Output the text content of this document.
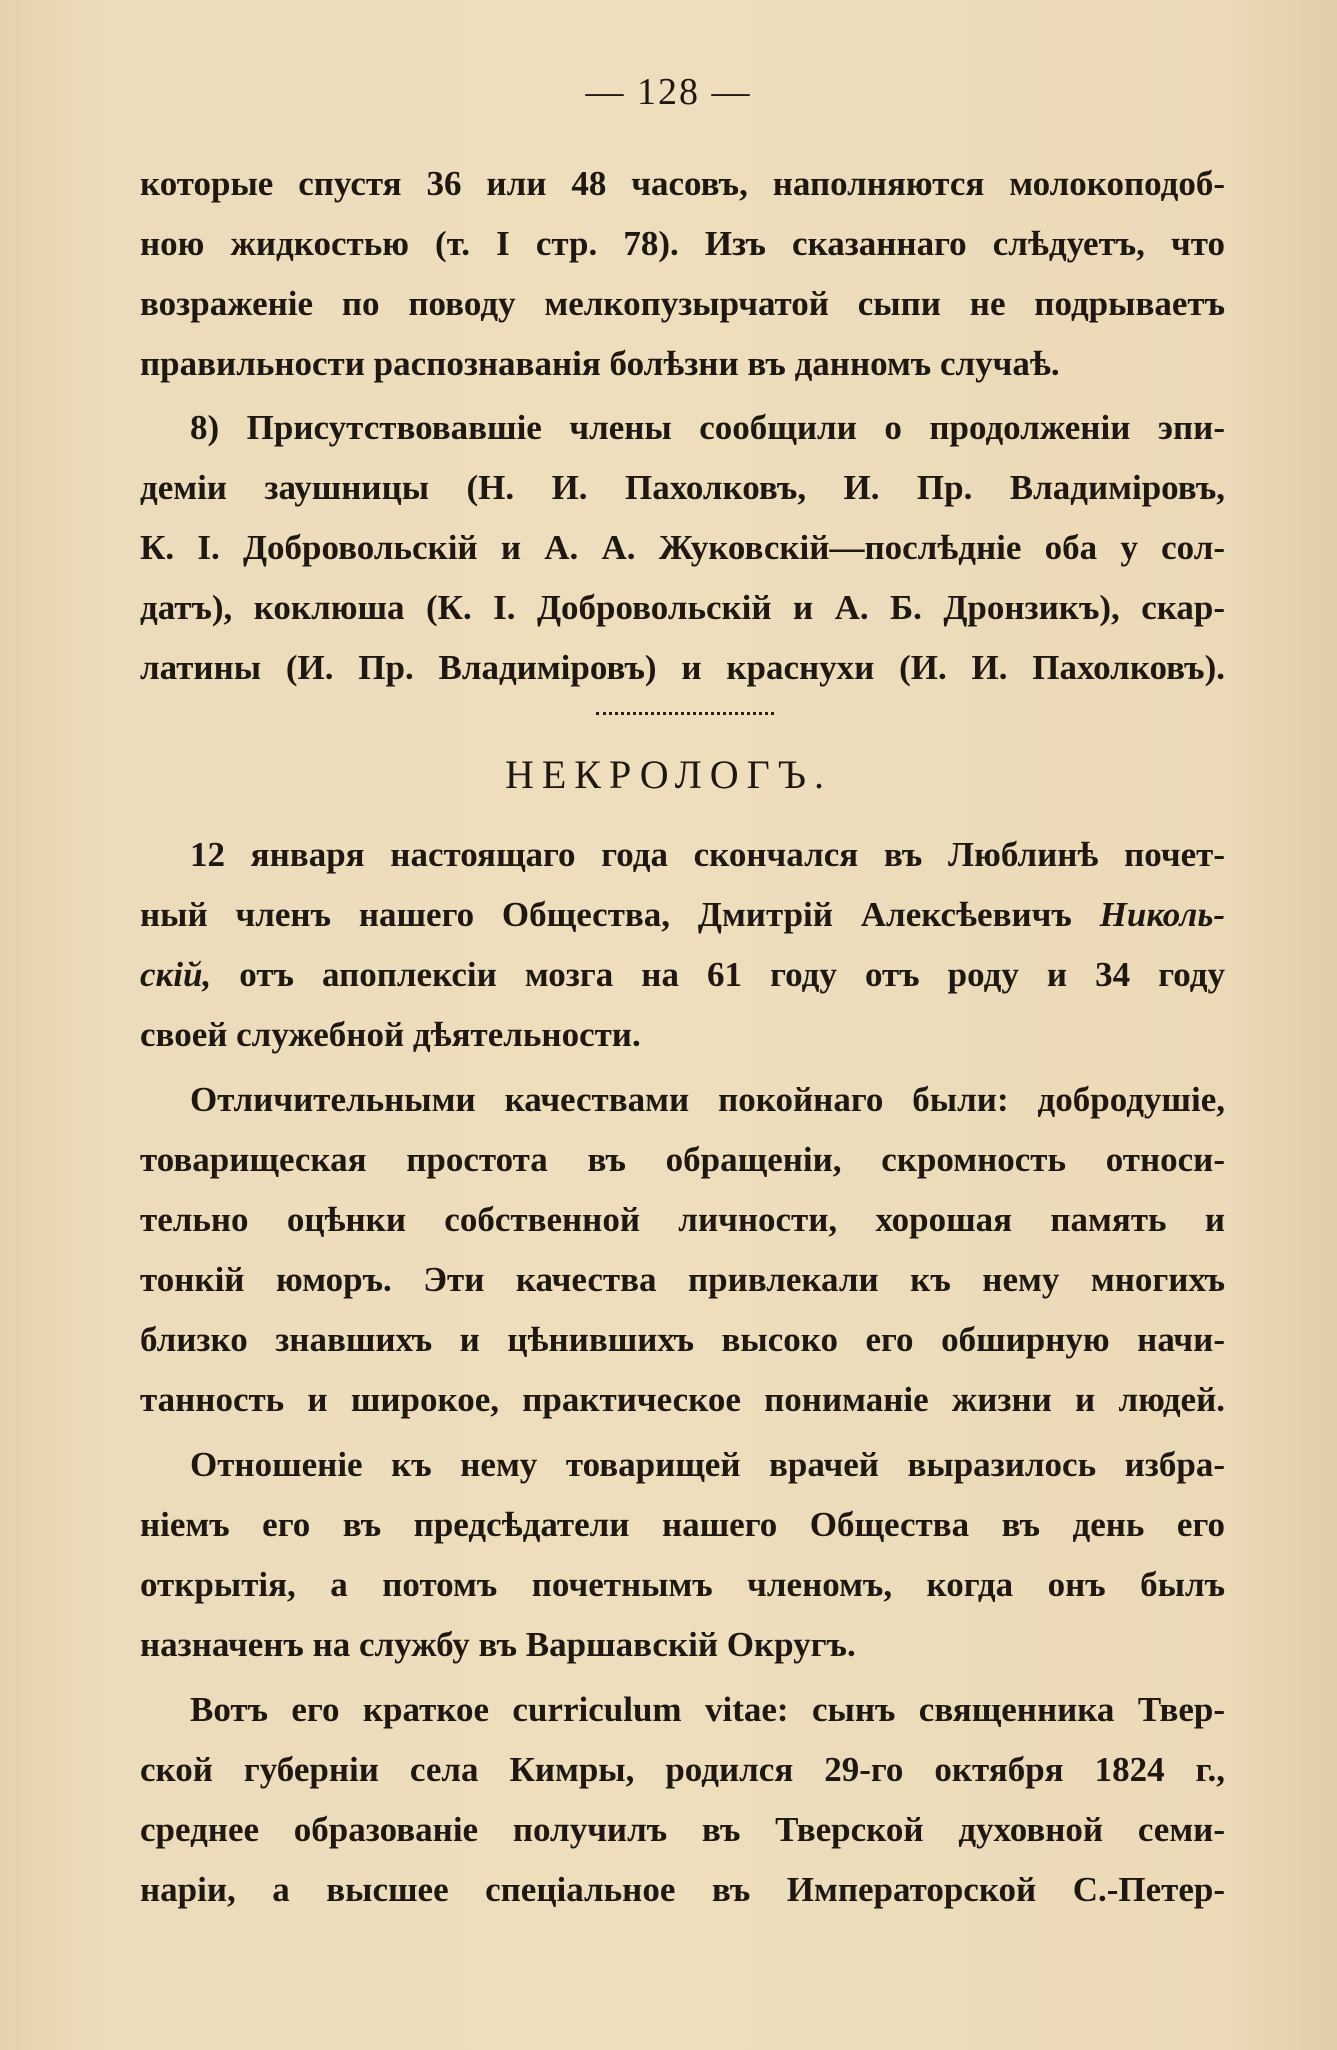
— 128 —
которые спустя 36 или 48 часовъ, наполняются молокоподоб-
ною жидкостью (т. I стр. 78). Изъ сказаннаго слѣдуетъ, что
возраженіе по поводу мелкопузырчатой сыпи не подрываетъ
правильности распознаванія болѣзни въ данномъ случаѣ.
8) Присутствовавшіе члены сообщили о продолженіи эпи-
деміи заушницы (Н. И. Пахолковъ, И. Пр. Владиміровъ,
К. I. Добровольскій и А. А. Жуковскій—послѣдніе оба у сол-
датъ), коклюша (К. I. Добровольскій и А. Б. Дронзикъ), скар-
латины (И. Пр. Владиміровъ) и краснухи (И. И. Пахолковъ).
НЕКРОЛОГЪ.
12 января настоящаго года скончался въ Люблинѣ почет-
ный членъ нашего Общества, Дмитрій Алексѣевичъ Николь-
скій, отъ апоплексіи мозга на 61 году отъ роду и 34 году
своей служебной дѣятельности.
Отличительными качествами покойнаго были: добродушіе,
товарищеская простота въ обращеніи, скромность относи-
тельно оцѣнки собственной личности, хорошая память и
тонкій юморъ. Эти качества привлекали къ нему многихъ
близко знавшихъ и цѣнившихъ высоко его обширную начи-
танность и широкое, практическое пониманіе жизни и людей.
Отношеніе къ нему товарищей врачей выразилось избра-
ніемъ его въ предсѣдатели нашего Общества въ день его
открытія, а потомъ почетнымъ членомъ, когда онъ былъ
назначенъ на службу въ Варшавскій Округъ.
Вотъ его краткое curriculum vitae: сынъ священника Твер-
ской губерніи села Кимры, родился 29-го октября 1824 г.,
среднее образованіе получилъ въ Тверской духовной семи-
наріи, а высшее спеціальное въ Императорской С.-Петер-
